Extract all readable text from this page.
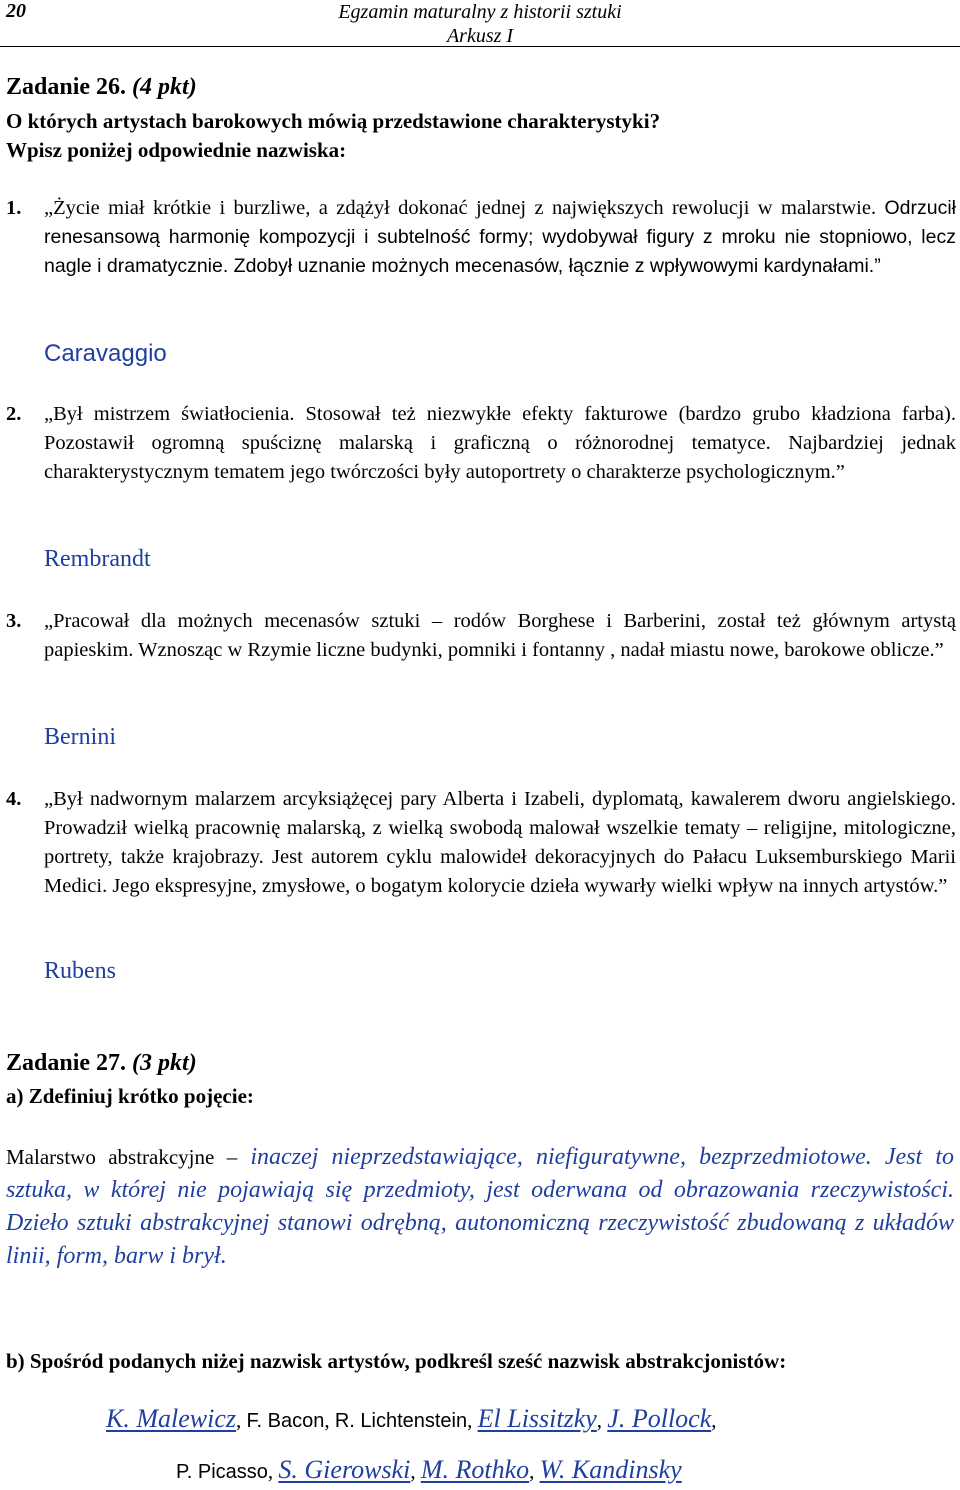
20	Egzamin maturalny z historii sztuki
Arkusz I
Zadanie 26. (4 pkt)
O których artystach barokowych mówią przedstawione charakterystyki?
Wpisz poniżej odpowiednie nazwiska:
1. „Życie miał krótkie i burzliwe, a zdążył dokonać jednej z największych rewolucji w malarstwie. Odrzucił renesansową harmonię kompozycji i subtelność formy; wydobywał figury z mroku nie stopniowo, lecz nagle i dramatycznie. Zdobył uznanie możnych mecenasów, łącznie z wpływowymi kardynałami.”
Caravaggio
2. „Był mistrzem światłocienia. Stosował też niezwykłe efekty fakturowe (bardzo grubo kładziona farba). Pozostawił ogromną spuściznę malarską i graficzną o różnorodnej tematyce. Najbardziej jednak charakterystycznym tematem jego twórczości były autoportrety o charakterze psychologicznym.”
Rembrandt
3. „Pracował dla możnych mecenasów sztuki – rodów Borghese i Barberini, został też głównym artystą papieskim. Wznosząc w Rzymie liczne budynki, pomniki i fontanny , nadał miastu nowe, barokowe oblicze.”
Bernini
4. „Był nadwornym malarzem arcyksiążęcej pary Alberta i Izabeli, dyplomatą, kawalerem dworu angielskiego. Prowadził wielką pracownię malarską, z wielką swobodą malował wszelkie tematy – religijne, mitologiczne, portrety, także krajobrazy. Jest autorem cyklu malowideł dekoracyjnych do Pałacu Luksemburskiego Marii Medici. Jego ekspresyjne, zmysłowe, o bogatym kolorycie dzieła wywarły wielki wpływ na innych artystów.”
Rubens
Zadanie 27. (3 pkt)
a) Zdefiniuj krótko pojęcie:
Malarstwo abstrakcyjne – inaczej nieprzedstawiające, niefiguratywne, bezprzedmiotowe. Jest to sztuka, w której nie pojawiają się przedmioty, jest oderwana od obrazowania rzeczywistości. Dzieło sztuki abstrakcyjnej stanowi odrębną, autonomiczną rzeczywistość zbudowaną z układów linii, form, barw i brył.
b) Spośród podanych niżej nazwisk artystów, podkreśl sześć nazwisk abstrakcjonistów:
K. Malewicz, F. Bacon, R. Lichtenstein, El Lissitzky, J. Pollock,
P. Picasso, S. Gierowski, M. Rothko, W. Kandinsky
